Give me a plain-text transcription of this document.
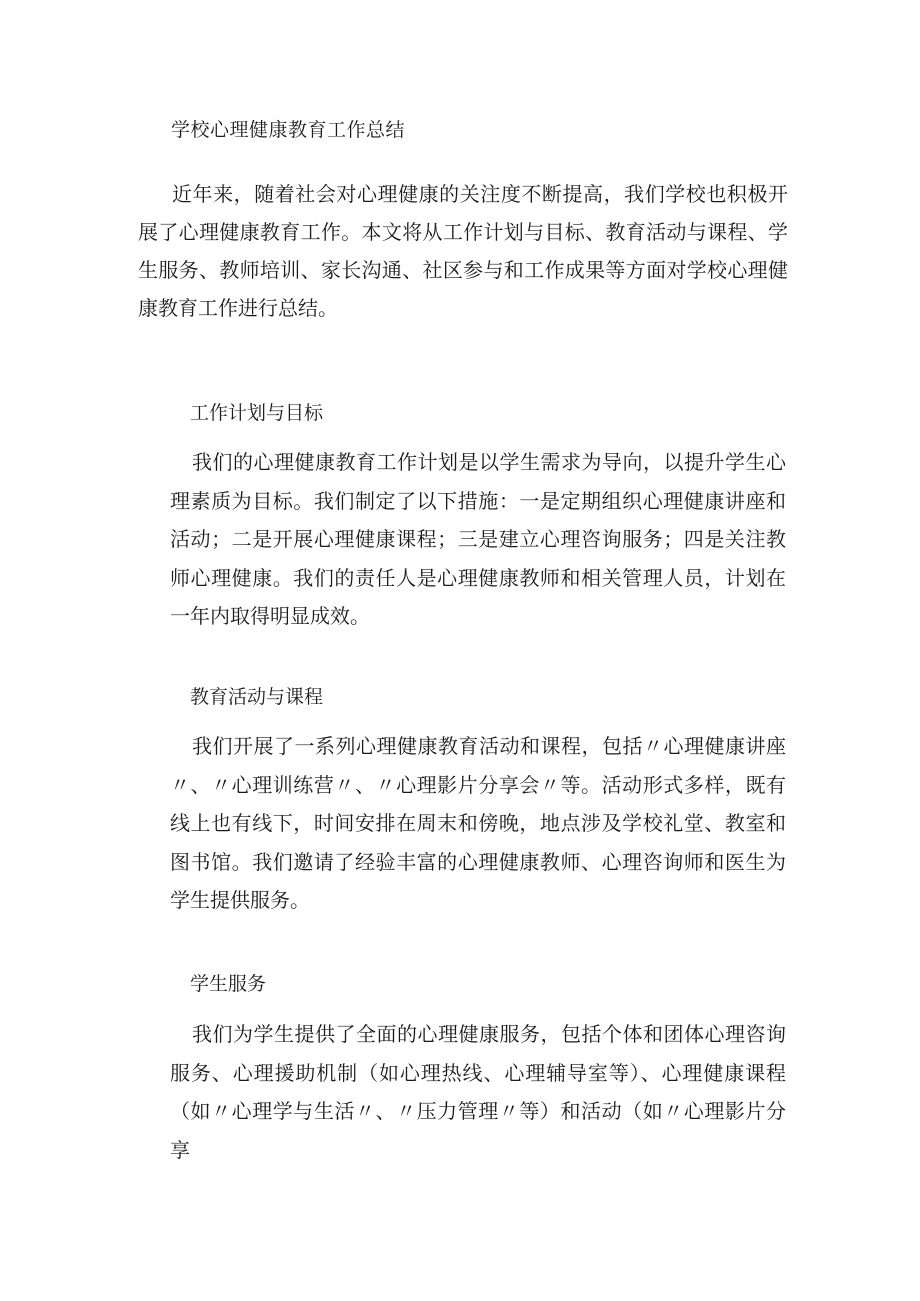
学校心理健康教育工作总结

近年来，随着社会对心理健康的关注度不断提高，我们学校也积极开展了心理健康教育工作。本文将从工作计划与目标、教育活动与课程、学生服务、教师培训、家长沟通、社区参与和工作成果等方面对学校心理健康教育工作进行总结。

工作计划与目标

我们的心理健康教育工作计划是以学生需求为导向，以提升学生心理素质为目标。我们制定了以下措施：一是定期组织心理健康讲座和活动；二是开展心理健康课程；三是建立心理咨询服务；四是关注教师心理健康。我们的责任人是心理健康教师和相关管理人员，计划在一年内取得明显成效。

教育活动与课程

我们开展了一系列心理健康教育活动和课程，包括〃心理健康讲座〃、〃心理训练营〃、〃心理影片分享会〃等。活动形式多样，既有线上也有线下，时间安排在周末和傍晚，地点涉及学校礼堂、教室和图书馆。我们邀请了经验丰富的心理健康教师、心理咨询师和医生为学生提供服务。

学生服务

我们为学生提供了全面的心理健康服务，包括个体和团体心理咨询服务、心理援助机制（如心理热线、心理辅导室等）、心理健康课程（如〃心理学与生活〃、〃压力管理〃等）和活动（如〃心理影片分享
